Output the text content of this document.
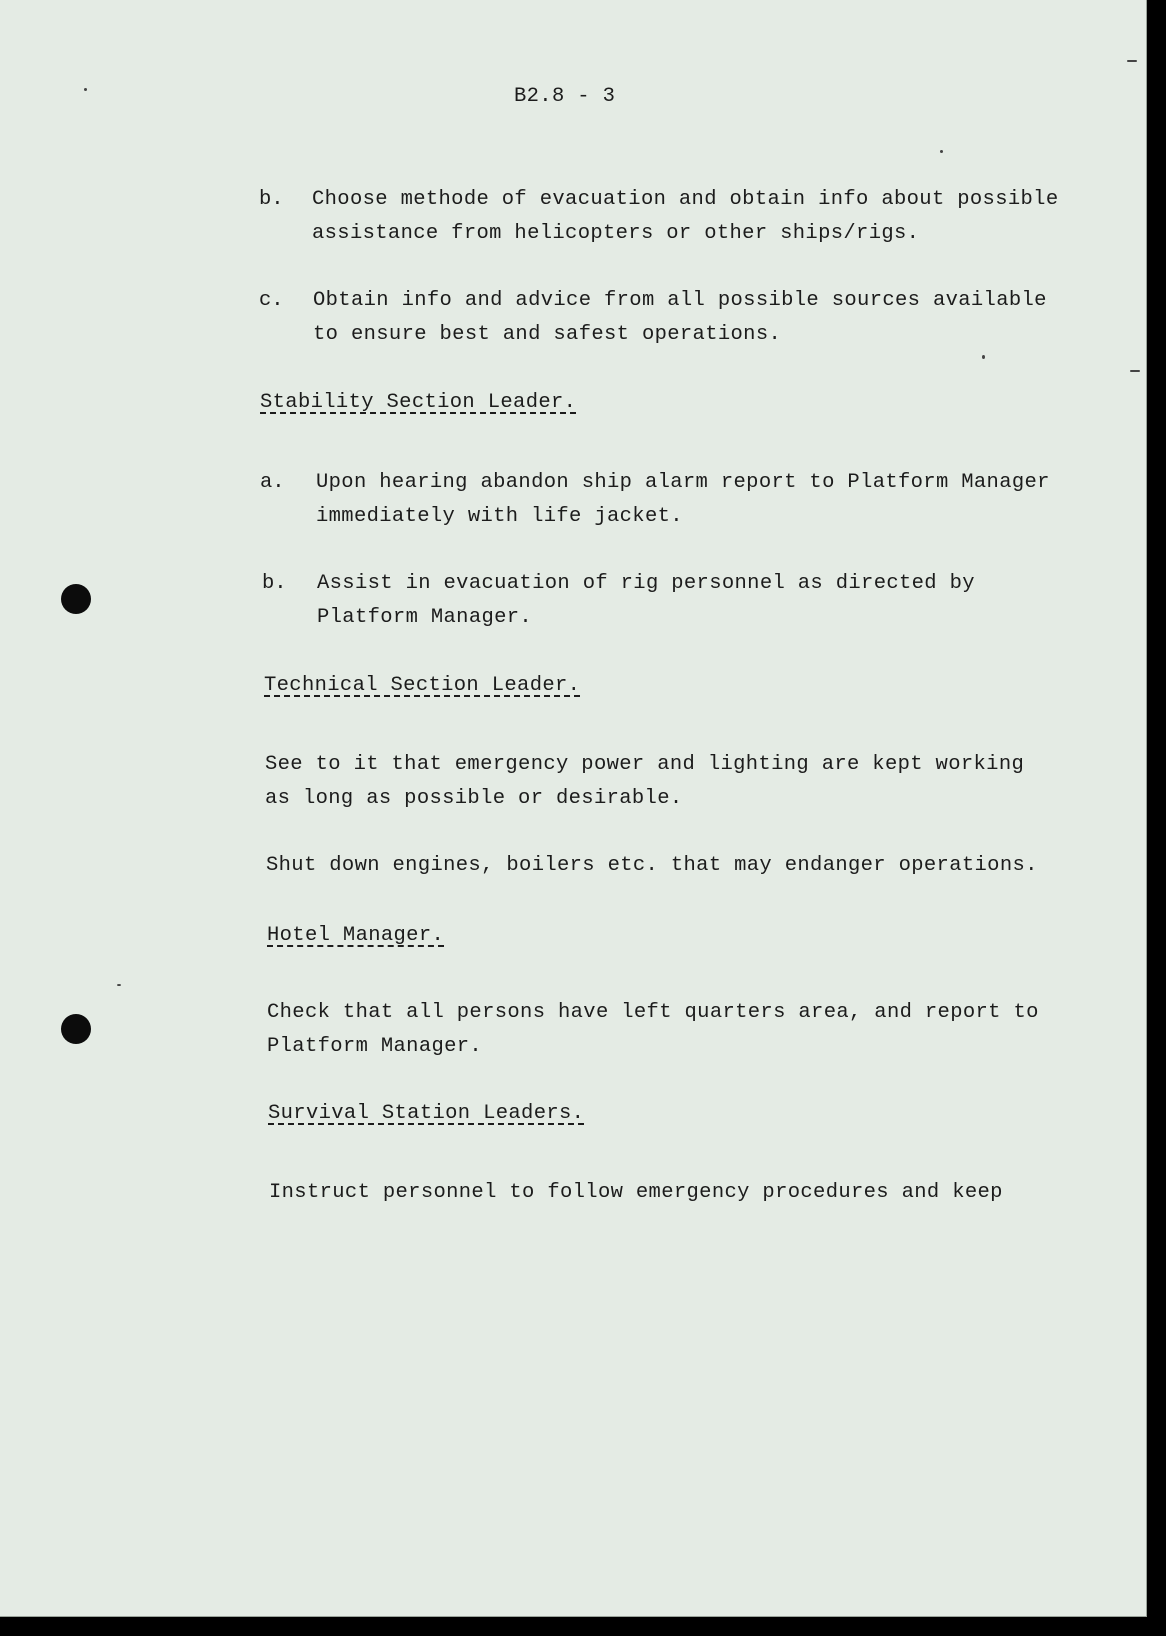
B2.8 - 3
b. Choose methode of evacuation and obtain info about possible
assistance from helicopters or other ships/rigs.
c. Obtain info and advice from all possible sources available
to ensure best and safest operations.
Stability Section Leader.
a. Upon hearing abandon ship alarm report to Platform Manager
immediately with life jacket.
b. Assist in evacuation of rig personnel as directed by
Platform Manager.
Technical Section Leader.
See to it that emergency power and lighting are kept working
as long as possible or desirable.
Shut down engines, boilers etc. that may endanger operations.
Hotel Manager.
Check that all persons have left quarters area, and report to
Platform Manager.
Survival Station Leaders.
Instruct personnel to follow emergency procedures and keep
